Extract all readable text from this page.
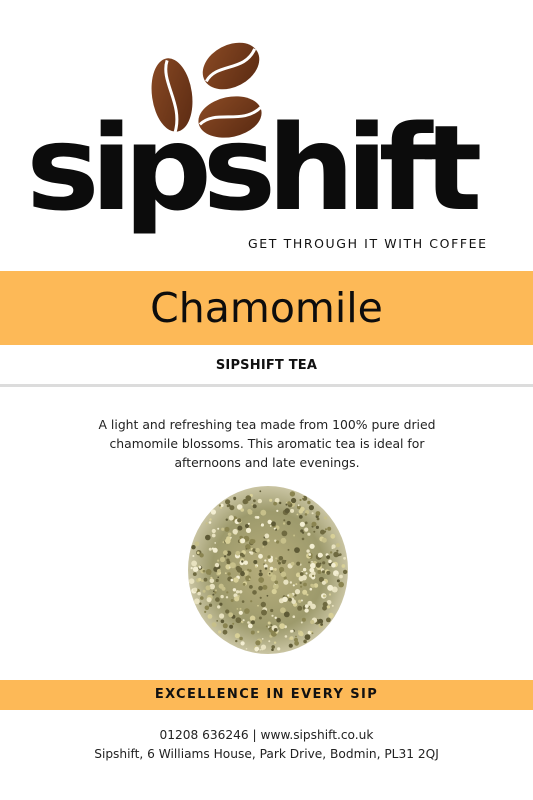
sipshift
GET THROUGH IT WITH COFFEE
Chamomile
SIPSHIFT TEA
A light and refreshing tea made from 100% pure dried chamomile blossoms. This aromatic tea is ideal for afternoons and late evenings.
EXCELLENCE IN EVERY SIP
01208 636246 | www.sipshift.co.uk
Sipshift, 6 Williams House, Park Drive, Bodmin, PL31 2QJ
